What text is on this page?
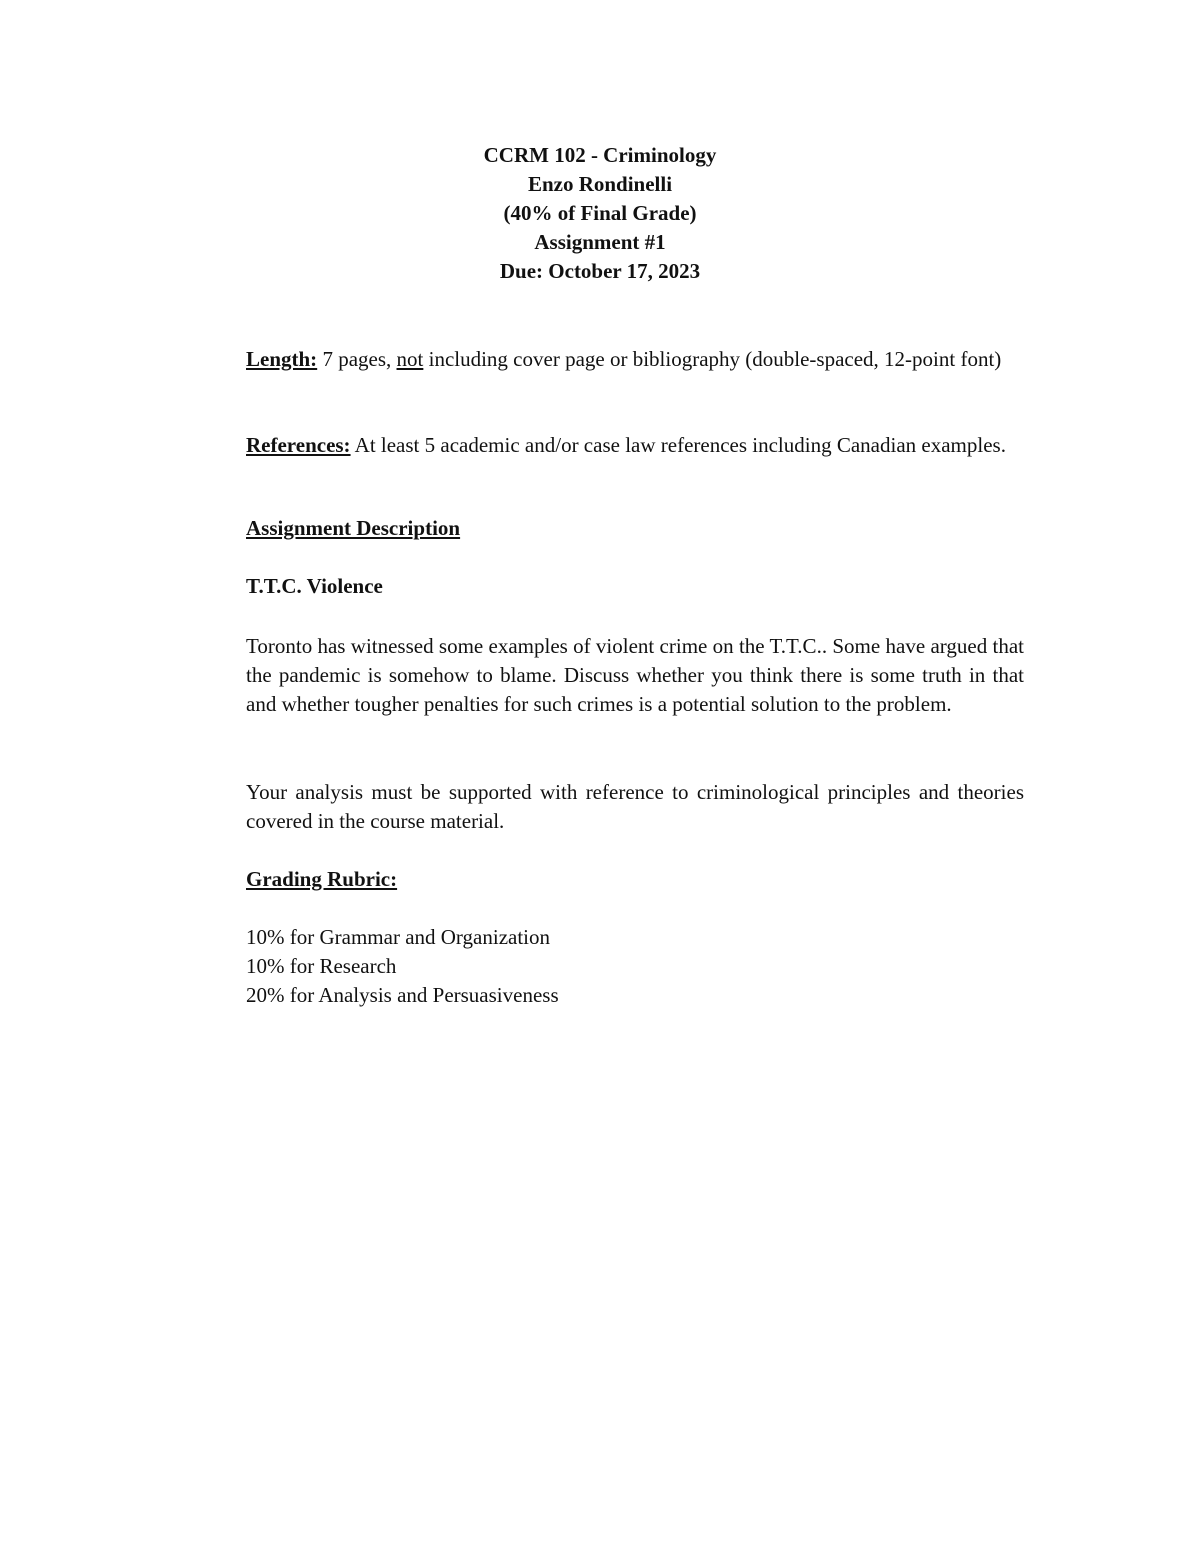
CCRM 102 - Criminology
Enzo Rondinelli
(40% of Final Grade)
Assignment #1
Due: October 17, 2023
Length: 7 pages, not including cover page or bibliography (double-spaced, 12-point font)
References: At least 5 academic and/or case law references including Canadian examples.
Assignment Description
T.T.C. Violence
Toronto has witnessed some examples of violent crime on the T.T.C.. Some have argued that the pandemic is somehow to blame. Discuss whether you think there is some truth in that and whether tougher penalties for such crimes is a potential solution to the problem.
Your analysis must be supported with reference to criminological principles and theories covered in the course material.
Grading Rubric:
10% for Grammar and Organization
10% for Research
20% for Analysis and Persuasiveness
